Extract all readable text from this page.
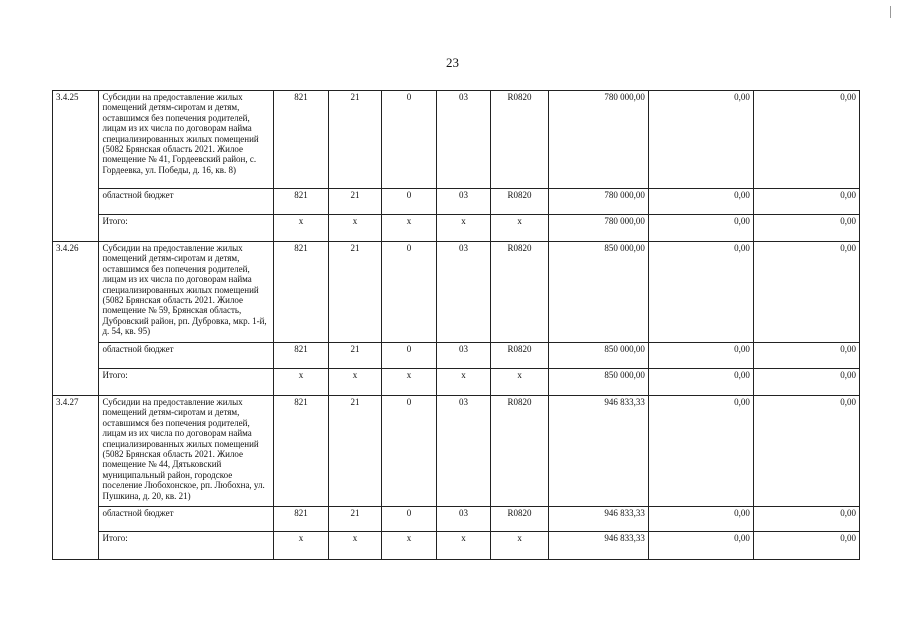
23
3.4.25	Субсидии на предоставление жилых помещений детям-сиротам и детям, оставшимся без попечения родителей, лицам из их числа по договорам найма специализированных жилых помещений (5082 Брянская область 2021. Жилое помещение № 41, Гордеевский район, с. Гордеевка, ул. Победы, д. 16, кв. 8)	821	21	0	03	R0820	780 000,00	0,00	0,00
	областной бюджет	821	21	0	03	R0820	780 000,00	0,00	0,00
	Итого:	x	x	x	x	x	780 000,00	0,00	0,00
3.4.26	Субсидии на предоставление жилых помещений детям-сиротам и детям, оставшимся без попечения родителей, лицам из их числа по договорам найма специализированных жилых помещений (5082 Брянская область 2021. Жилое помещение № 59, Брянская область, Дубровский район, рп. Дубровка, мкр. 1-й, д. 54, кв. 95)	821	21	0	03	R0820	850 000,00	0,00	0,00
	областной бюджет	821	21	0	03	R0820	850 000,00	0,00	0,00
	Итого:	x	x	x	x	x	850 000,00	0,00	0,00
3.4.27	Субсидии на предоставление жилых помещений детям-сиротам и детям, оставшимся без попечения родителей, лицам из их числа по договорам найма специализированных жилых помещений (5082 Брянская область 2021. Жилое помещение № 44, Дятьковский муниципальный район, городское поселение Любохонское, рп. Любохна, ул. Пушкина, д. 20, кв. 21)	821	21	0	03	R0820	946 833,33	0,00	0,00
	областной бюджет	821	21	0	03	R0820	946 833,33	0,00	0,00
	Итого:	x	x	x	x	x	946 833,33	0,00	0,00
